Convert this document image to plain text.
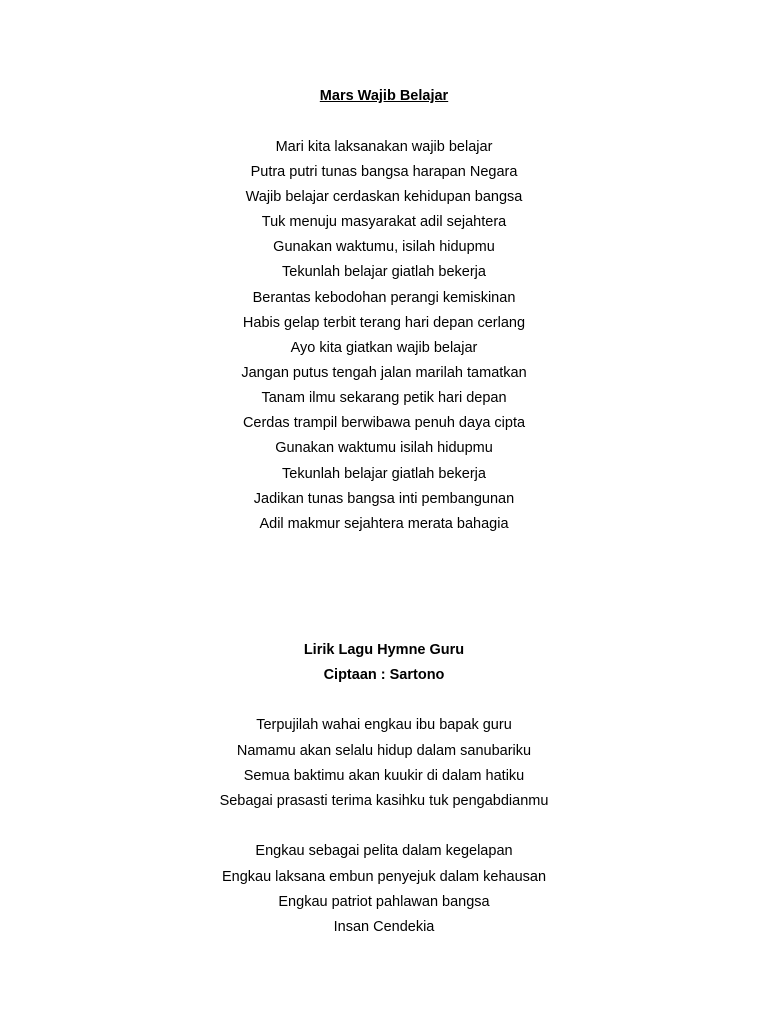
Mars Wajib Belajar
Mari kita laksanakan wajib belajar
Putra putri tunas bangsa harapan Negara
Wajib belajar cerdaskan kehidupan bangsa
Tuk menuju masyarakat adil sejahtera
Gunakan waktumu, isilah hidupmu
Tekunlah belajar giatlah bekerja
Berantas kebodohan perangi kemiskinan
Habis gelap terbit terang hari depan cerlang
Ayo kita giatkan wajib belajar
Jangan putus tengah jalan marilah tamatkan
Tanam ilmu sekarang petik hari depan
Cerdas trampil berwibawa penuh daya cipta
Gunakan waktumu isilah hidupmu
Tekunlah belajar giatlah bekerja
Jadikan tunas bangsa inti pembangunan
Adil makmur sejahtera merata bahagia
Lirik Lagu Hymne Guru
Ciptaan : Sartono
Terpujilah wahai engkau ibu bapak guru
Namamu akan selalu hidup dalam sanubariku
Semua baktimu akan kuukir di dalam hatiku
Sebagai prasasti terima kasihku tuk pengabdianmu
Engkau sebagai pelita dalam kegelapan
Engkau laksana embun penyejuk dalam kehausan
Engkau patriot pahlawan bangsa
Insan Cendekia
